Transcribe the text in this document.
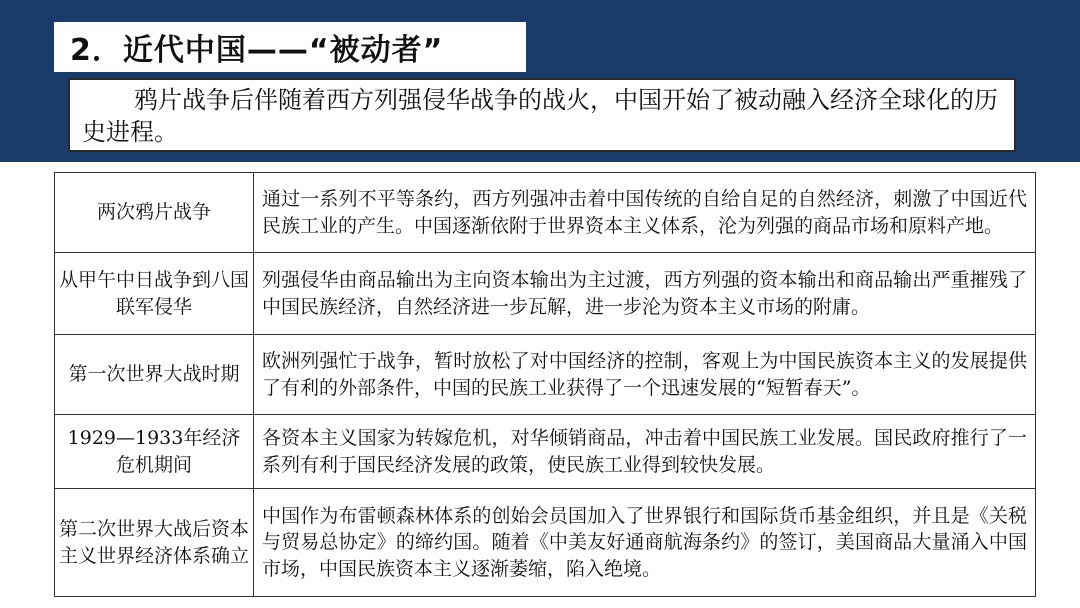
2．近代中国——“被动者”
鸦片战争后伴随着西方列强侵华战争的战火，中国开始了被动融入经济全球化的历史进程。
两次鸦片战争	通过一系列不平等条约，西方列强冲击着中国传统的自给自足的自然经济，刺激了中国近代民族工业的产生。中国逐渐依附于世界资本主义体系，沦为列强的商品市场和原料产地。
从甲午中日战争到八国联军侵华	列强侵华由商品输出为主向资本输出为主过渡，西方列强的资本输出和商品输出严重摧残了中国民族经济，自然经济进一步瓦解，进一步沦为资本主义市场的附庸。
第一次世界大战时期	欧洲列强忙于战争，暂时放松了对中国经济的控制，客观上为中国民族资本主义的发展提供了有利的外部条件，中国的民族工业获得了一个迅速发展的“短暂春天”。
1929—1933年经济危机期间	各资本主义国家为转嫁危机，对华倾销商品，冲击着中国民族工业发展。国民政府推行了一系列有利于国民经济发展的政策，使民族工业得到较快发展。
第二次世界大战后资本主义世界经济体系确立	中国作为布雷顿森林体系的创始会员国加入了世界银行和国际货币基金组织，并且是《关税与贸易总协定》的缔约国。随着《中美友好通商航海条约》的签订，美国商品大量涌入中国市场，中国民族资本主义逐渐萎缩，陷入绝境。
